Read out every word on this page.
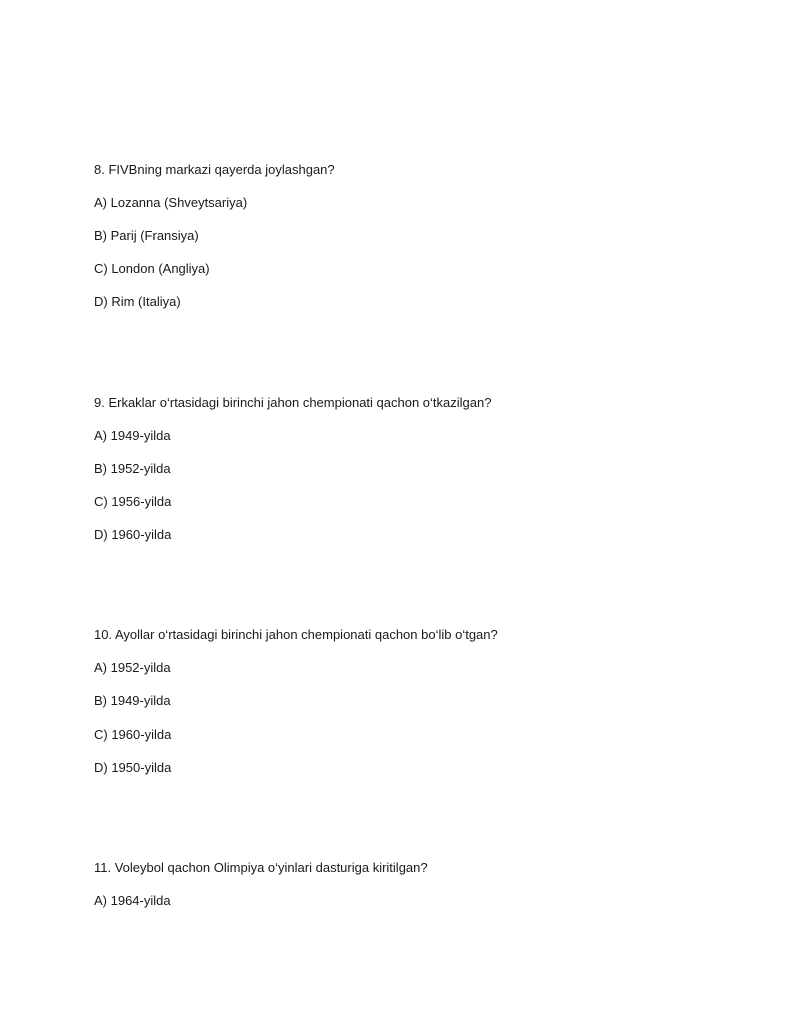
8. FIVBning markazi qayerda joylashgan?
A) Lozanna (Shveytsariya)
B) Parij (Fransiya)
C) London (Angliya)
D) Rim (Italiya)
9. Erkaklar o‘rtasidagi birinchi jahon chempionati qachon o‘tkazilgan?
A) 1949-yilda
B) 1952-yilda
C) 1956-yilda
D) 1960-yilda
10. Ayollar o‘rtasidagi birinchi jahon chempionati qachon bo‘lib o‘tgan?
A) 1952-yilda
B) 1949-yilda
C) 1960-yilda
D) 1950-yilda
11. Voleybol qachon Olimpiya o‘yinlari dasturiga kiritilgan?
A) 1964-yilda
